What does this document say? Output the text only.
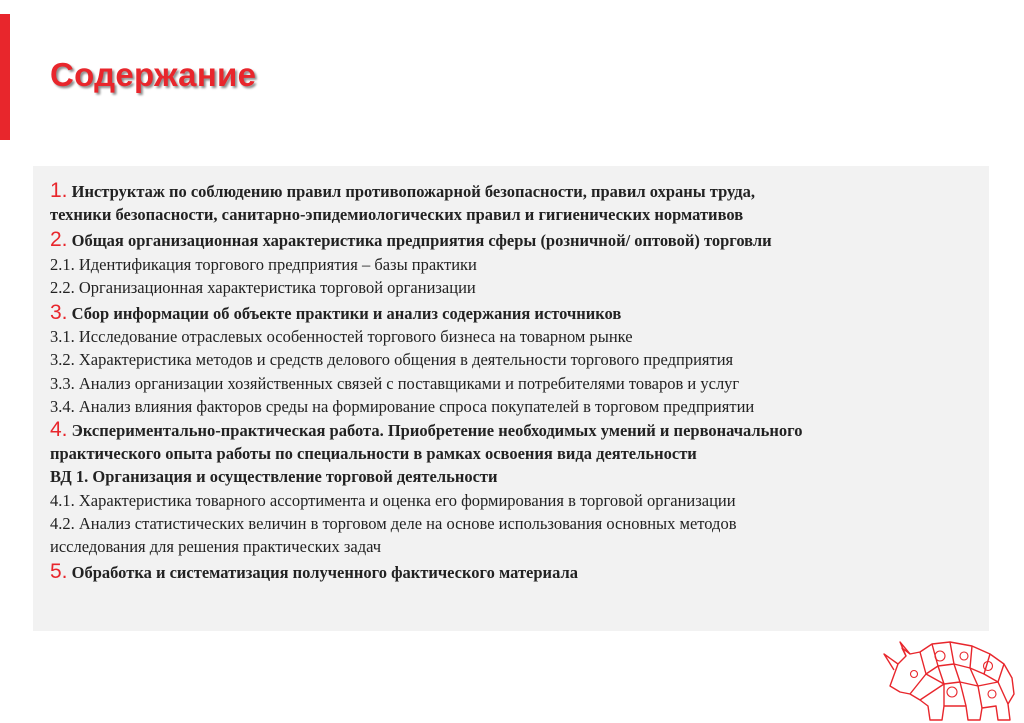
Содержание
1. Инструктаж по соблюдению правил противопожарной безопасности, правил охраны труда,
техники безопасности, санитарно-эпидемиологических правил и гигиенических нормативов
2. Общая организационная характеристика предприятия сферы (розничной/ оптовой) торговли
2.1. Идентификация торгового предприятия – базы практики
2.2. Организационная характеристика торговой организации
3. Сбор информации об объекте практики и анализ содержания источников
3.1. Исследование отраслевых особенностей торгового бизнеса на товарном рынке
3.2. Характеристика методов и средств делового общения в деятельности торгового предприятия
3.3. Анализ организации хозяйственных связей с поставщиками и потребителями товаров и услуг
3.4. Анализ влияния факторов среды на формирование спроса покупателей в торговом предприятии
4. Экспериментально-практическая работа. Приобретение необходимых умений и первоначального
практического опыта работы по специальности в рамках освоения вида деятельности
ВД 1. Организация и осуществление торговой деятельности
4.1. Характеристика товарного ассортимента и оценка его формирования в торговой организации
4.2. Анализ статистических величин в торговом деле на основе использования основных методов
исследования для решения практических задач
5. Обработка и систематизация полученного фактического материала
